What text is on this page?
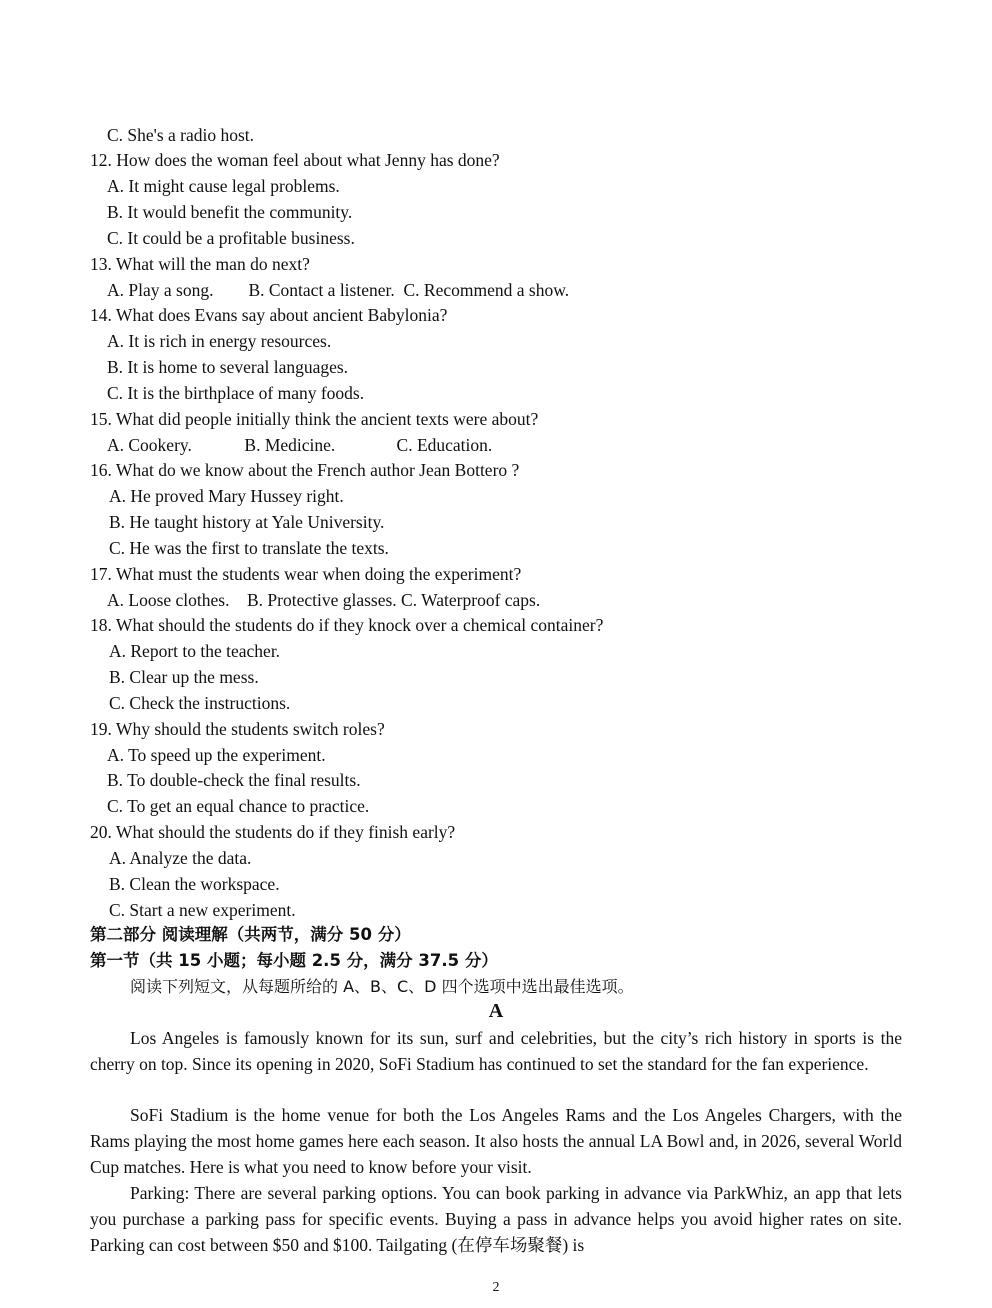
C. She's a radio host.
12. How does the woman feel about what Jenny has done?
A. It might cause legal problems.
B. It would benefit the community.
C. It could be a profitable business.
13. What will the man do next?
A. Play a song.        B. Contact a listener.  C. Recommend a show.
14. What does Evans say about ancient Babylonia?
A. It is rich in energy resources.
B. It is home to several languages.
C. It is the birthplace of many foods.
15. What did people initially think the ancient texts were about?
A. Cookery.            B. Medicine.              C. Education.
16. What do we know about the French author Jean Bottero ?
A. He proved Mary Hussey right.
B. He taught history at Yale University.
C. He was the first to translate the texts.
17. What must the students wear when doing the experiment?
A. Loose clothes.    B. Protective glasses. C. Waterproof caps.
18. What should the students do if they knock over a chemical container?
A. Report to the teacher.
B. Clear up the mess.
C. Check the instructions.
19. Why should the students switch roles?
A. To speed up the experiment.
B. To double-check the final results.
C. To get an equal chance to practice.
20. What should the students do if they finish early?
A. Analyze the data.
B. Clean the workspace.
C. Start a new experiment.
第二部分 阅读理解（共两节，满分 50 分）
第一节（共 15 小题；每小题 2.5 分，满分 37.5 分）
阅读下列短文，从每题所给的 A、B、C、D 四个选项中选出最佳选项。
A

Los Angeles is famously known for its sun, surf and celebrities, but the city’s rich history in sports is the cherry on top. Since its opening in 2020, SoFi Stadium has continued to set the standard for the fan experience.

SoFi Stadium is the home venue for both the Los Angeles Rams and the Los Angeles Chargers, with the Rams playing the most home games here each season. It also hosts the annual LA Bowl and, in 2026, several World Cup matches. Here is what you need to know before your visit.

Parking: There are several parking options. You can book parking in advance via ParkWhiz, an app that lets you purchase a parking pass for specific events. Buying a pass in advance helps you avoid higher rates on site. Parking can cost between $50 and $100. Tailgating (在停车场聚餐) is

2
